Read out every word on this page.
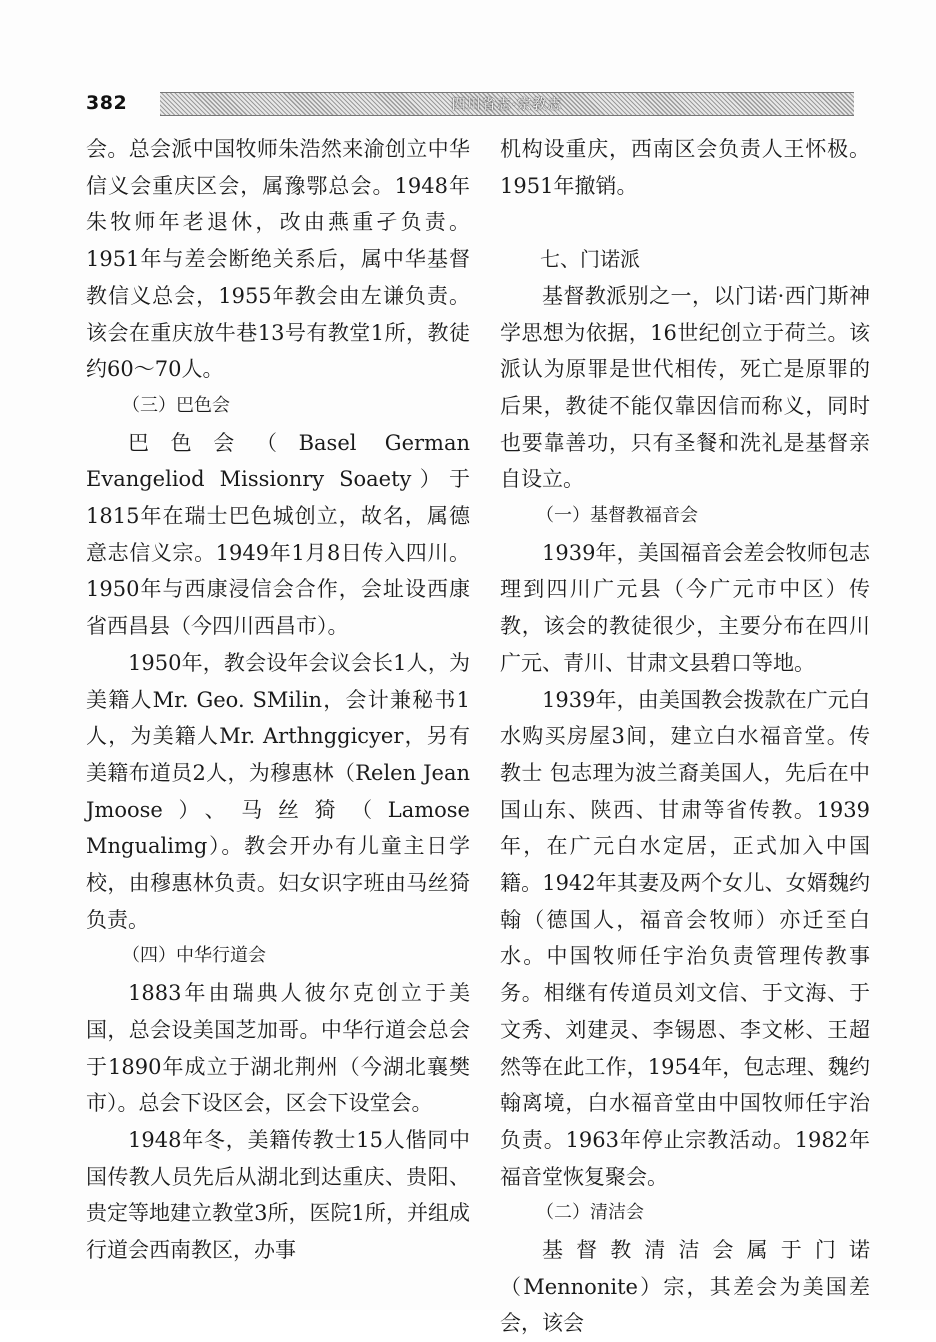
382	四川省志·宗教志

会。总会派中国牧师朱浩然来渝创立中华信义会重庆区会，属豫鄂总会。1948年朱牧师年老退休，改由燕重孑负责。1951年与差会断绝关系后，属中华基督教信义总会，1955年教会由左谦负责。该会在重庆放牛巷13号有教堂1所，教徒约60～70人。

（三）巴色会

巴色会（Basel German Evangeliod Missionry Soaety）于1815年在瑞士巴色城创立，故名，属德意志信义宗。1949年1月8日传入四川。1950年与西康浸信会合作，会址设西康省西昌县（今四川西昌市）。

1950年，教会设年会议会长1人，为美籍人Mr. Geo. SMilin，会计兼秘书1人，为美籍人Mr. Arthnggicyer，另有美籍布道员2人，为穆惠林（Relen Jean Jmoose）、马丝猗（Lamose Mngualimg）。教会开办有儿童主日学校，由穆惠林负责。妇女识字班由马丝猗负责。

（四）中华行道会

1883年由瑞典人彼尔克创立于美国，总会设美国芝加哥。中华行道会总会于1890年成立于湖北荆州（今湖北襄樊市）。总会下设区会，区会下设堂会。

1948年冬，美籍传教士15人偕同中国传教人员先后从湖北到达重庆、贵阳、贵定等地建立教堂3所，医院1所，并组成行道会西南教区，办事

机构设重庆，西南区会负责人王怀极。1951年撤销。

七、门诺派

基督教派别之一，以门诺·西门斯神学思想为依据，16世纪创立于荷兰。该派认为原罪是世代相传，死亡是原罪的后果，教徒不能仅靠因信而称义，同时也要靠善功，只有圣餐和洗礼是基督亲自设立。

（一）基督教福音会

1939年，美国福音会差会牧师包志理到四川广元县（今广元市中区）传教，该会的教徒很少，主要分布在四川广元、青川、甘肃文县碧口等地。

1939年，由美国教会拨款在广元白水购买房屋3间，建立白水福音堂。传教士 包志理为波兰裔美国人，先后在中国山东、陕西、甘肃等省传教。1939年，在广元白水定居，正式加入中国籍。1942年其妻及两个女儿、女婿魏约翰（德国人，福音会牧师）亦迁至白水。中国牧师任宇治负责管理传教事务。相继有传道员刘文信、于文海、于文秀、刘建灵、李锡恩、李文彬、王超然等在此工作，1954年，包志理、魏约翰离境，白水福音堂由中国牧师任宇治负责。1963年停止宗教活动。1982年福音堂恢复聚会。

（二）清洁会

基督教清洁会属于门诺（Mennonite）宗，其差会为美国差会，该会
